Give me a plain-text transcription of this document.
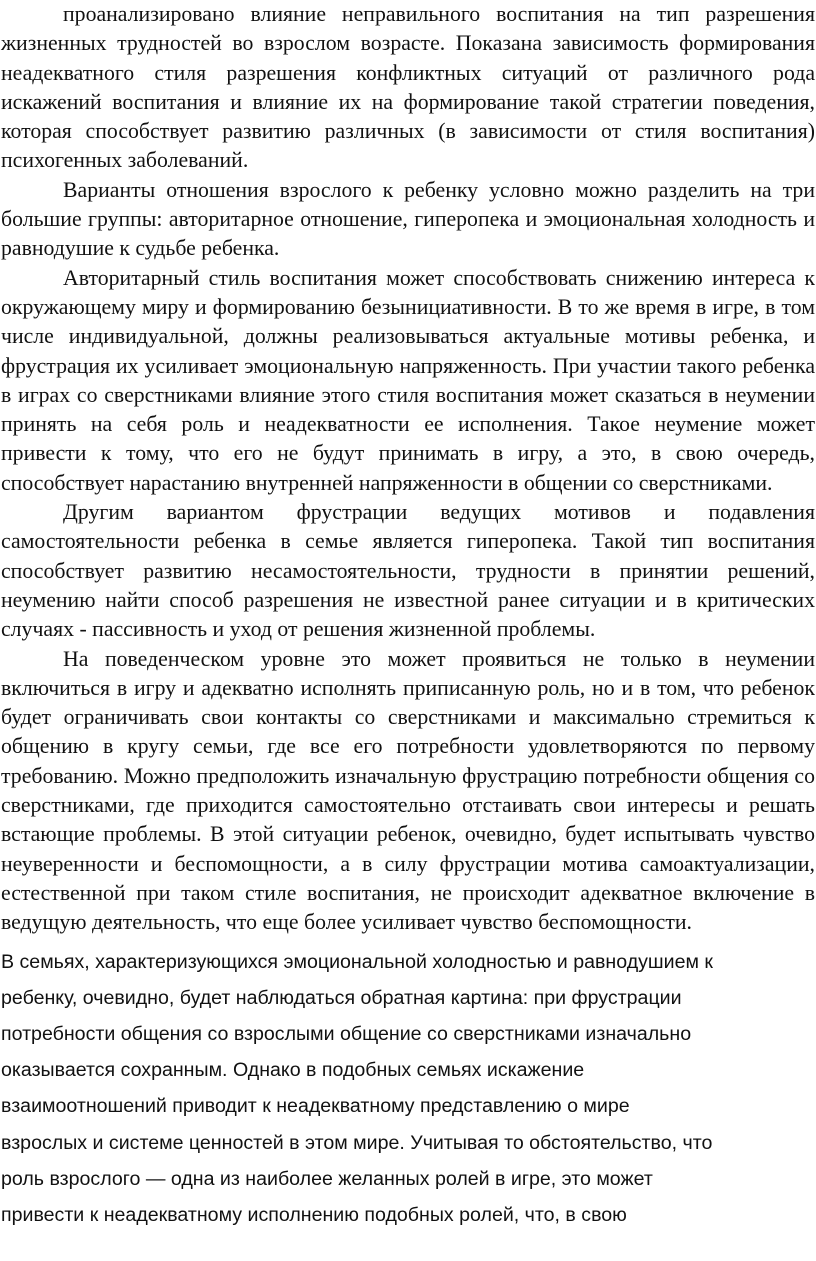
проанализировано влияние неправильного воспитания на тип разрешения жизненных трудностей во взрослом возрасте. Показана зависимость формирования неадекватного стиля разрешения конфликтных ситуаций от различного рода искажений воспитания и влияние их на формирование такой стратегии поведения, которая способствует развитию различных (в зависимости от стиля воспитания) психогенных заболеваний.

Варианты отношения взрослого к ребенку условно можно разделить на три большие группы: авторитарное отношение, гиперопека и эмоциональная холодность и равнодушие к судьбе ребенка.

Авторитарный стиль воспитания может способствовать снижению интереса к окружающему миру и формированию безынициативности. В то же время в игре, в том числе индивидуальной, должны реализовываться актуальные мотивы ребенка, и фрустрация их усиливает эмоциональную напряженность. При участии такого ребенка в играх со сверстниками влияние этого стиля воспитания может сказаться в неумении принять на себя роль и неадекватности ее исполнения. Такое неумение может привести к тому, что его не будут принимать в игру, а это, в свою очередь, способствует нарастанию внутренней напряженности в общении со сверстниками.

Другим вариантом фрустрации ведущих мотивов и подавления самостоятельности ребенка в семье является гиперопека. Такой тип воспитания способствует развитию несамостоятельности, трудности в принятии решений, неумению найти способ разрешения не известной ранее ситуации и в критических случаях - пассивность и уход от решения жизненной проблемы.

На поведенческом уровне это может проявиться не только в неумении включиться в игру и адекватно исполнять приписанную роль, но и в том, что ребенок будет ограничивать свои контакты со сверстниками и максимально стремиться к общению в кругу семьи, где все его потребности удовлетворяются по первому требованию. Можно предположить изначальную фрустрацию потребности общения со сверстниками, где приходится самостоятельно отстаивать свои интересы и решать встающие проблемы. В этой ситуации ребенок, очевидно, будет испытывать чувство неуверенности и беспомощности, а в силу фрустрации мотива самоактуализации, естественной при таком стиле воспитания, не происходит адекватное включение в ведущую деятельность, что еще более усиливает чувство беспомощности.

В семьях, характеризующихся эмоциональной холодностью и равнодушием к

ребенку, очевидно, будет наблюдаться обратная картина: при фрустрации

потребности общения со взрослыми общение со сверстниками изначально

оказывается сохранным. Однако в подобных семьях искажение

взаимоотношений приводит к неадекватному представлению о мире

взрослых и системе ценностей в этом мире. Учитывая то обстоятельство, что

роль взрослого — одна из наиболее желанных ролей в игре, это может

привести к неадекватному исполнению подобных ролей, что, в свою
